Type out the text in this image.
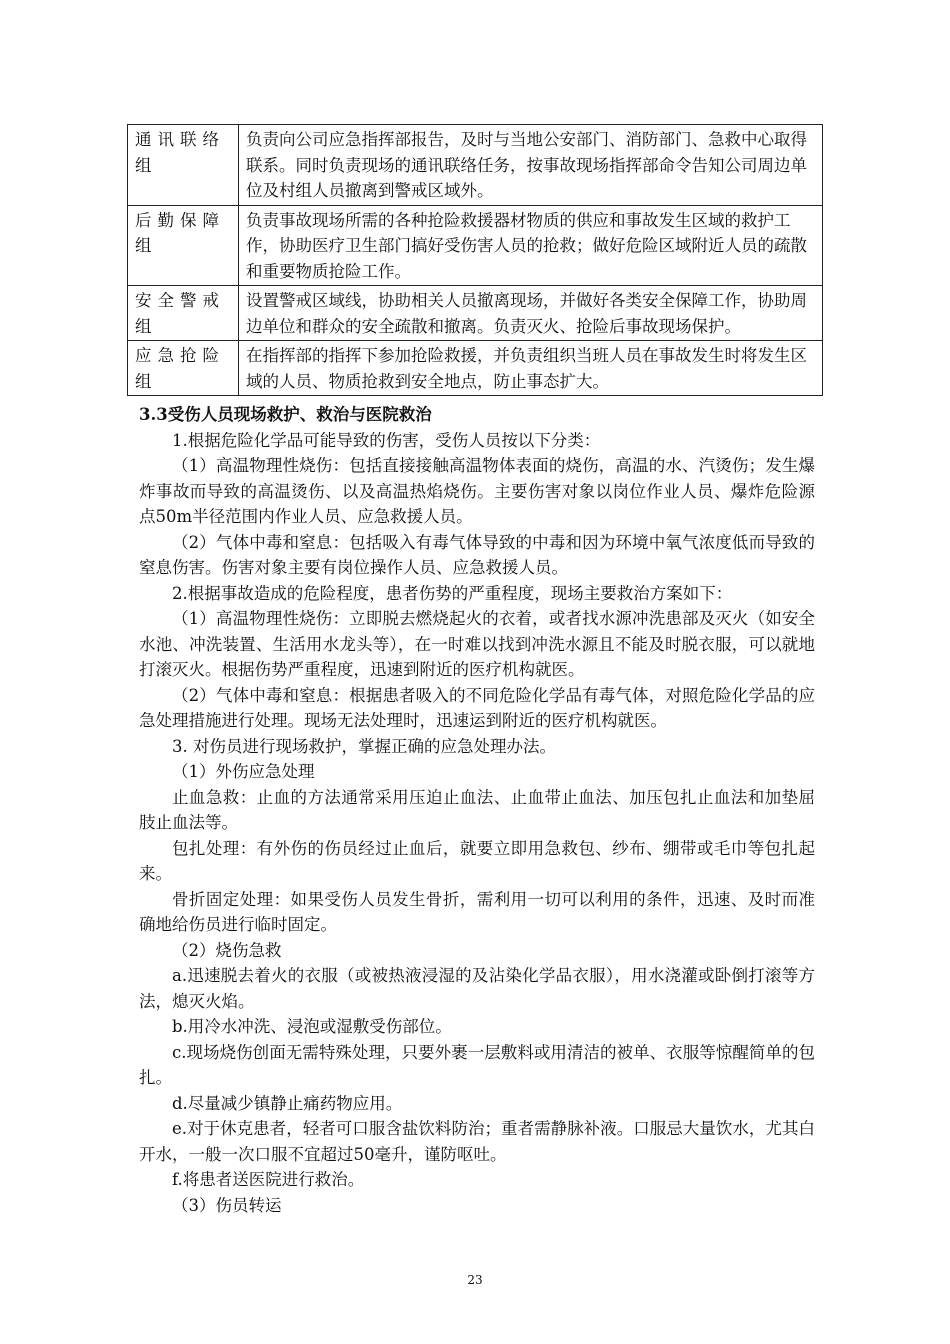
通讯联络组	负责向公司应急指挥部报告，及时与当地公安部门、消防部门、急救中心取得联系。同时负责现场的通讯联络任务，按事故现场指挥部命令告知公司周边单位及村组人员撤离到警戒区域外。
后勤保障组	负责事故现场所需的各种抢险救援器材物质的供应和事故发生区域的救护工作，协助医疗卫生部门搞好受伤害人员的抢救；做好危险区域附近人员的疏散和重要物质抢险工作。
安全警戒组	设置警戒区域线，协助相关人员撤离现场，并做好各类安全保障工作，协助周边单位和群众的安全疏散和撤离。负责灭火、抢险后事故现场保护。
应急抢险组	在指挥部的指挥下参加抢险救援，并负责组织当班人员在事故发生时将发生区域的人员、物质抢救到安全地点，防止事态扩大。

3.3受伤人员现场救护、救治与医院救治

1.根据危险化学品可能导致的伤害，受伤人员按以下分类：

（1）高温物理性烧伤：包括直接接触高温物体表面的烧伤，高温的水、汽烫伤；发生爆炸事故而导致的高温烫伤、以及高温热焰烧伤。主要伤害对象以岗位作业人员、爆炸危险源点50m半径范围内作业人员、应急救援人员。

（2）气体中毒和窒息：包括吸入有毒气体导致的中毒和因为环境中氧气浓度低而导致的窒息伤害。伤害对象主要有岗位操作人员、应急救援人员。

2.根据事故造成的危险程度，患者伤势的严重程度，现场主要救治方案如下：

（1）高温物理性烧伤：立即脱去燃烧起火的衣着，或者找水源冲洗患部及灭火（如安全水池、冲洗装置、生活用水龙头等），在一时难以找到冲洗水源且不能及时脱衣服，可以就地打滚灭火。根据伤势严重程度，迅速到附近的医疗机构就医。

（2）气体中毒和窒息：根据患者吸入的不同危险化学品有毒气体，对照危险化学品的应急处理措施进行处理。现场无法处理时，迅速运到附近的医疗机构就医。

3. 对伤员进行现场救护，掌握正确的应急处理办法。

（1）外伤应急处理

止血急救：止血的方法通常采用压迫止血法、止血带止血法、加压包扎止血法和加垫屈肢止血法等。

包扎处理：有外伤的伤员经过止血后，就要立即用急救包、纱布、绷带或毛巾等包扎起来。

骨折固定处理：如果受伤人员发生骨折，需利用一切可以利用的条件，迅速、及时而准确地给伤员进行临时固定。

（2）烧伤急救

a.迅速脱去着火的衣服（或被热液浸湿的及沾染化学品衣服），用水浇灌或卧倒打滚等方法，熄灭火焰。

b.用冷水冲洗、浸泡或湿敷受伤部位。

c.现场烧伤创面无需特殊处理，只要外裹一层敷料或用清洁的被单、衣服等惊醒简单的包扎。

d.尽量减少镇静止痛药物应用。

e.对于休克患者，轻者可口服含盐饮料防治；重者需静脉补液。口服忌大量饮水，尤其白开水，一般一次口服不宜超过50毫升，谨防呕吐。

f.将患者送医院进行救治。

（3）伤员转运

23
